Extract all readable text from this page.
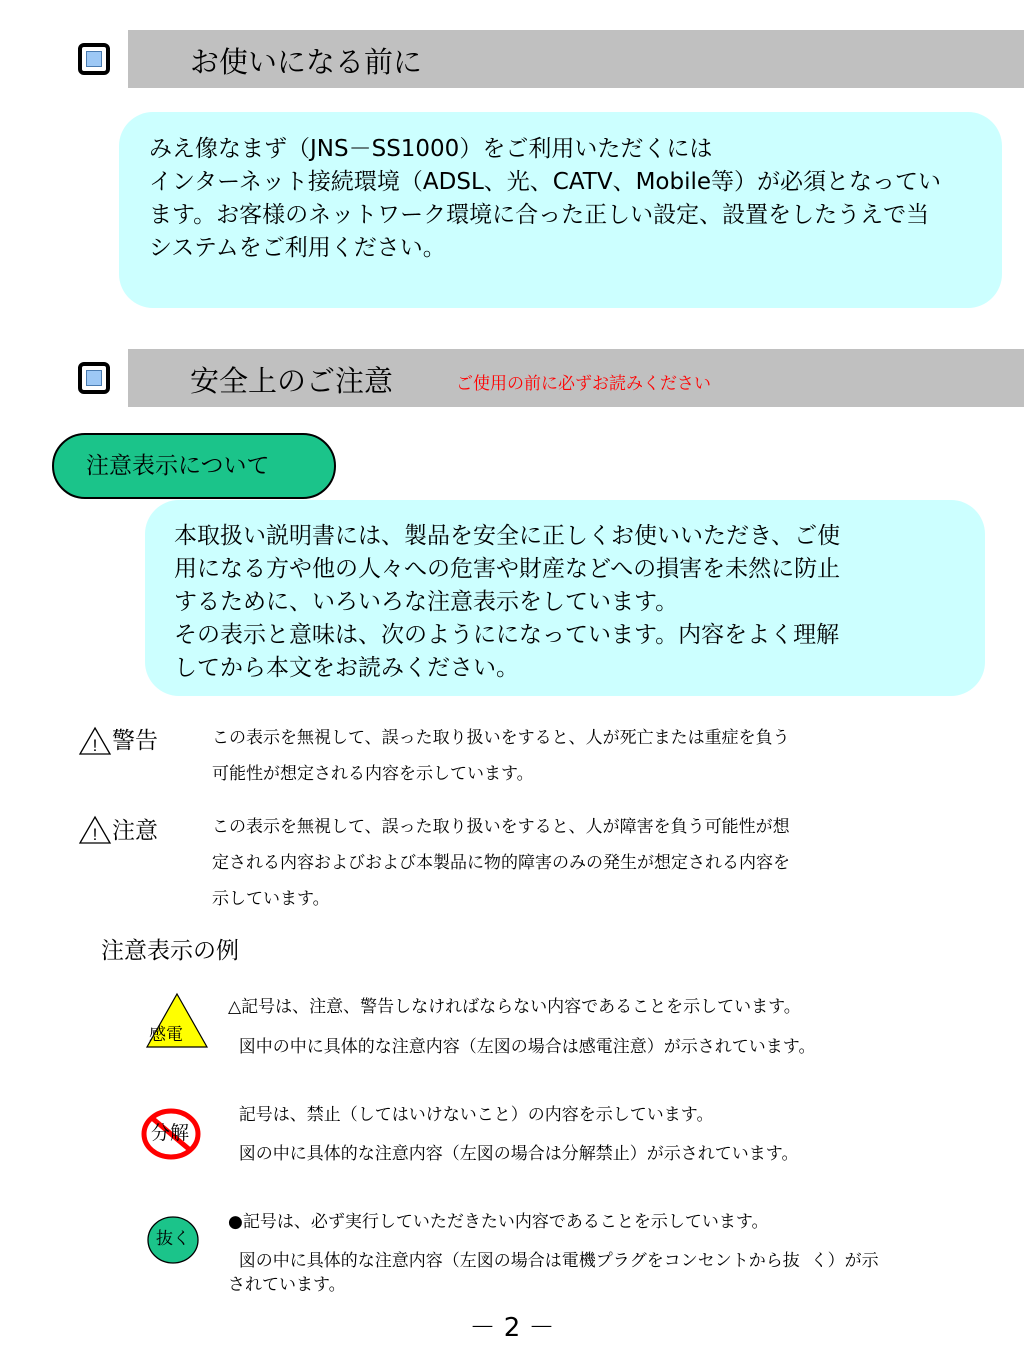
お使いになる前に
みえ像なまず（JNS－SS1000）をご利用いただくには
インターネット接続環境（ADSL、光、CATV、Mobile等）が必須となってい
ます。お客様のネットワーク環境に合った正しい設定、設置をしたうえで当
システムをご利用ください。
安全上のご注意	ご使用の前に必ずお読みください
注意表示について
本取扱い説明書には、製品を安全に正しくお使いいただき、ご使
用になる方や他の人々への危害や財産などへの損害を未然に防止
するために、いろいろな注意表示をしています。
その表示と意味は、次のようにになっています。内容をよく理解
してから本文をお読みください。
! 警告	この表示を無視して、誤った取り扱いをすると、人が死亡または重症を負う
可能性が想定される内容を示しています。
! 注意	この表示を無視して、誤った取り扱いをすると、人が障害を負う可能性が想
定される内容およびおよび本製品に物的障害のみの発生が想定される内容を
示しています。
注意表示の例
感電
△記号は、注意、警告しなければならない内容であることを示しています。
図中の中に具体的な注意内容（左図の場合は感電注意）が示されています。
分解
記号は、禁止（してはいけないこと）の内容を示しています。
図の中に具体的な注意内容（左図の場合は分解禁止）が示されています。
抜く
●記号は、必ず実行していただきたい内容であることを示しています。
図の中に具体的な注意内容（左図の場合は電機プラグをコンセントから抜  く）が示
されています。
－ 2 －
